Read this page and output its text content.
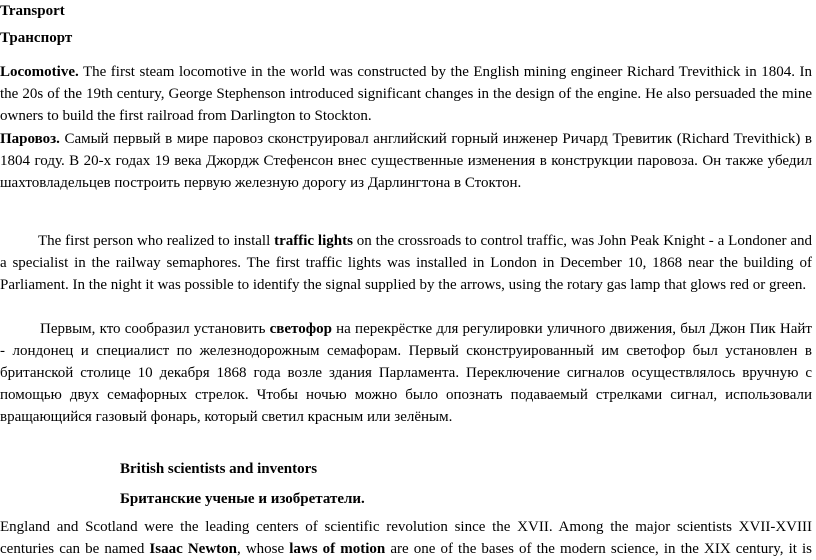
Transport

Транспорт

Locomotive. The first steam locomotive in the world was constructed by the English mining engineer Richard Trevithick in 1804. In the 20s of the 19th century, George Stephenson introduced significant changes in the design of the engine. He also persuaded the mine owners to build the first railroad from Darlington to Stockton.

Паровоз. Самый первый в мире паровоз сконструировал английский горный инженер Ричард Тревитик (Richard Trevithick) в 1804 году. В 20-х годах 19 века Джордж Стефенсон внес существенные изменения в конструкции паровоза. Он также убедил шахтовладельцев построить первую железную дорогу из Дарлингтона в Стоктон.

The first person who realized to install traffic lights on the crossroads to control traffic, was John Peak Knight - a Londoner and a specialist in the railway semaphores. The first traffic lights was installed in London in December 10, 1868 near the building of Parliament. In the night it was possible to identify the signal supplied by the arrows, using the rotary gas lamp that glows red or green.

Первым, кто сообразил установить светофор на перекрёстке для регулировки уличного движения, был Джон Пик Найт - лондонец и специалист по железнодорожным семафорам. Первый сконструированный им светофор был установлен в британской столице 10 декабря 1868 года возле здания Парламента. Переключение сигналов осуществлялось вручную с помощью двух семафорных стрелок. Чтобы ночью можно было опознать подаваемый стрелками сигнал, использовали вращающийся газовый фонарь, который светил красным или зелёным.

British scientists and inventors

Британские ученые и изобретатели.

England and Scotland were the leading centers of scientific revolution since the XVII. Among the major scientists XVII-XVIII centuries can be named Isaac Newton, whose laws of motion are one of the bases of the modern science, in the XIX century, it is
